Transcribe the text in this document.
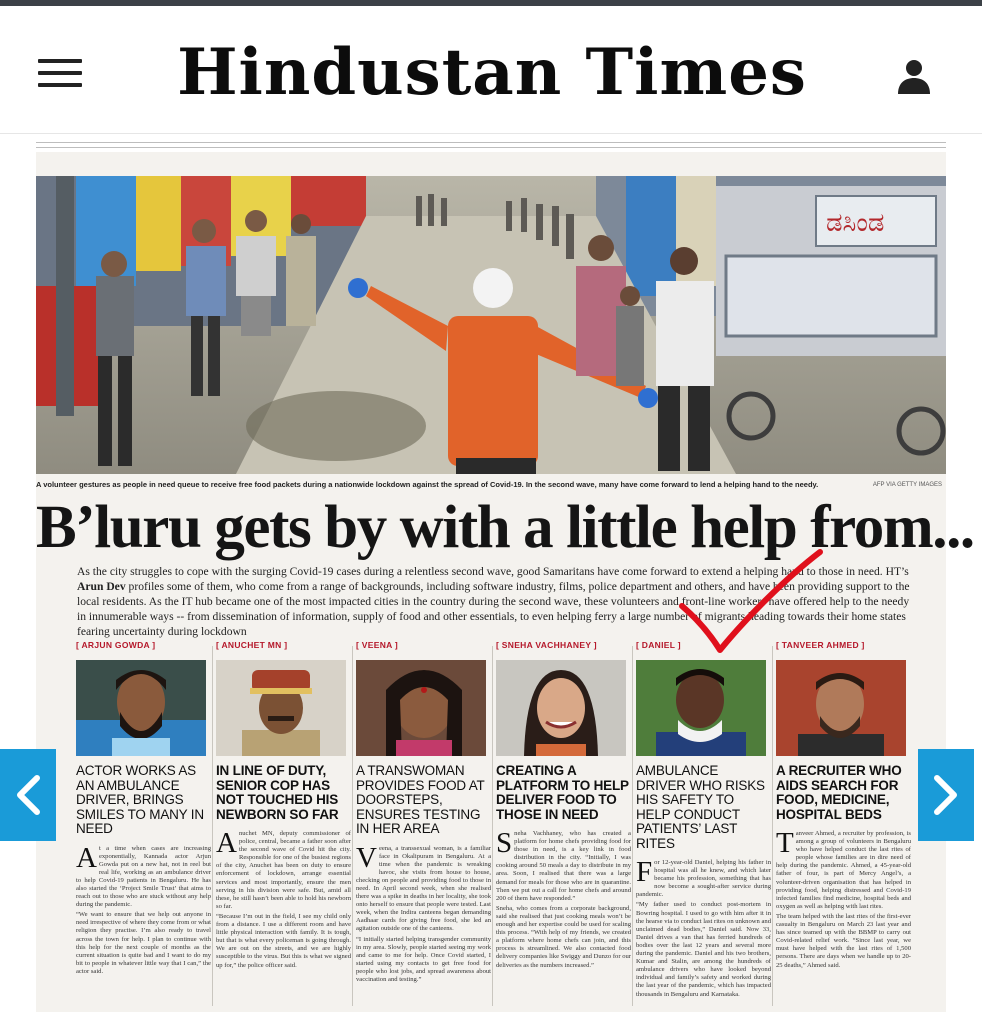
Hindustan Times
ಡಸಿಂಡ
A volunteer gestures as people in need queue to receive free food packets during a nationwide lockdown against the spread of Covid-19. In the second wave, many have come forward to lend a helping hand to the needy.	AFP VIA GETTY IMAGES
B’luru gets by with a little help from...
As the city struggles to cope with the surging Covid-19 cases during a relentless second wave, good Samaritans have come forward to extend a helping hand to those in need. HT’s Arun Dev profiles some of them, who come from a range of backgrounds, including software industry, films, police department and others, and have been providing support to the local residents. As the IT hub became one of the most impacted cities in the country during the second wave, these volunteers and front-line workers have offered help to the needy in innumerable ways -- from dissemination of information, supply of food and other essentials, to even helping ferry a large number of migrants heading towards their home states fearing uncertainty during lockdown
[ ARJUN GOWDA ]
ACTOR WORKS AS AN AMBULANCE DRIVER, BRINGS SMILES TO MANY IN NEED
A t a time when cases are increasing exponentially, Kannada actor Arjun Gowda put on a new hat, not in reel but real life, working as an ambulance driver to help Covid-19 patients in Bengaluru. He has also started the ‘Project Smile Trust’ that aims to reach out to those who are stuck without any help during the pandemic.

“We want to ensure that we help out anyone in need irrespective of where they come from or what religion they practise. I’m also ready to travel across the town for help. I plan to continue with this help for the next couple of months as the current situation is quite bad and I want to do my bit to people in whatever little way that I can,” the actor said.

[ ANUCHET MN ]
IN LINE OF DUTY, SENIOR COP HAS NOT TOUCHED HIS NEWBORN SO FAR
A nuchet MN, deputy commissioner of police, central, became a father soon after the second wave of Covid hit the city. Responsible for one of the busiest regions of the city, Anuchet has been on duty to ensure enforcement of lockdown, arrange essential services and most importantly, ensure the men serving in his division were safe. But, amid all these, he still hasn’t been able to hold his newborn so far.

“Because I’m out in the field, I see my child only from a distance. I use a different room and have little physical interaction with family. It is tough, but that is what every policeman is going through. We are out on the streets, and we are highly susceptible to the virus. But this is what we signed up for,” the police officer said.

[ VEENA ]
A TRANSWOMAN PROVIDES FOOD AT DOORSTEPS, ENSURES TESTING IN HER AREA
V eena, a transsexual woman, is a familiar face in Okalipuram in Bengaluru. At a time when the pandemic is wreaking havoc, she visits from house to house, checking on people and providing food to those in need. In April second week, when she realised there was a spike in deaths in her locality, she took onto herself to ensure that people were tested. Last week, when the Indira canteens began demanding Aadhaar cards for giving free food, she led an agitation outside one of the canteens.

“I initially started helping transgender community in my area. Slowly, people started seeing my work and came to me for help. Once Covid started, I started using my contacts to get free food for people who lost jobs, and spread awareness about vaccination and testing.”

[ SNEHA VACHHANEY ]
CREATING A PLATFORM TO HELP DELIVER FOOD TO THOSE IN NEED
S neha Vachhaney, who has created a platform for home chefs providing food for those in need, is a key link in food distribution in the city. “Initially, I was cooking around 50 meals a day to distribute in my area. Soon, I realised that there was a large demand for meals for those who are in quarantine. Then we put out a call for home chefs and around 200 of them have responded.”

Sneha, who comes from a corporate background, said she realised that just cooking meals won’t be enough and her expertise could be used for scaling this process. “With help of my friends, we created a platform where home chefs can join, and this process is streamlined. We also contacted food delivery companies like Swiggy and Dunzo for our deliveries as the numbers increased.”

[ DANIEL ]
AMBULANCE DRIVER WHO RISKS HIS SAFETY TO HELP CONDUCT PATIENTS’ LAST RITES
F or 12-year-old Daniel, helping his father in hospital was all he knew, and which later became his profession, something that has now become a sought-after service during pandemic.

“My father used to conduct post-mortem in Bowring hospital. I used to go with him after it in the hearse via to conduct last rites on unknown and unclaimed dead bodies,” Daniel said. Now 33, Daniel drives a van that has ferried hundreds of bodies over the last 12 years and several more during the pandemic. Daniel and his two brothers, Kumar and Stalin, are among the hundreds of ambulance drivers who have looked beyond individual and family’s safety and worked during the last year of the pandemic, which has impacted thousands in Bengaluru and Karnataka.

[ TANVEER AHMED ]
A RECRUITER WHO AIDS SEARCH FOR FOOD, MEDICINE, HOSPITAL BEDS
T anveer Ahmed, a recruiter by profession, is among a group of volunteers in Bengaluru who have helped conduct the last rites of people whose families are in dire need of help during the pandemic. Ahmed, a 45-year-old father of four, is part of Mercy Angel’s, a volunteer-driven organisation that has helped in providing food, helping distressed and Covid-19 infected families find medicine, hospital beds and oxygen as well as helping with last rites.

The team helped with the last rites of the first-ever casualty in Bengaluru on March 23 last year and has since teamed up with the BBMP to carry out Covid-related relief work. “Since last year, we must have helped with the last rites of 1,500 persons. There are days when we handle up to 20-25 deaths,” Ahmed said.
